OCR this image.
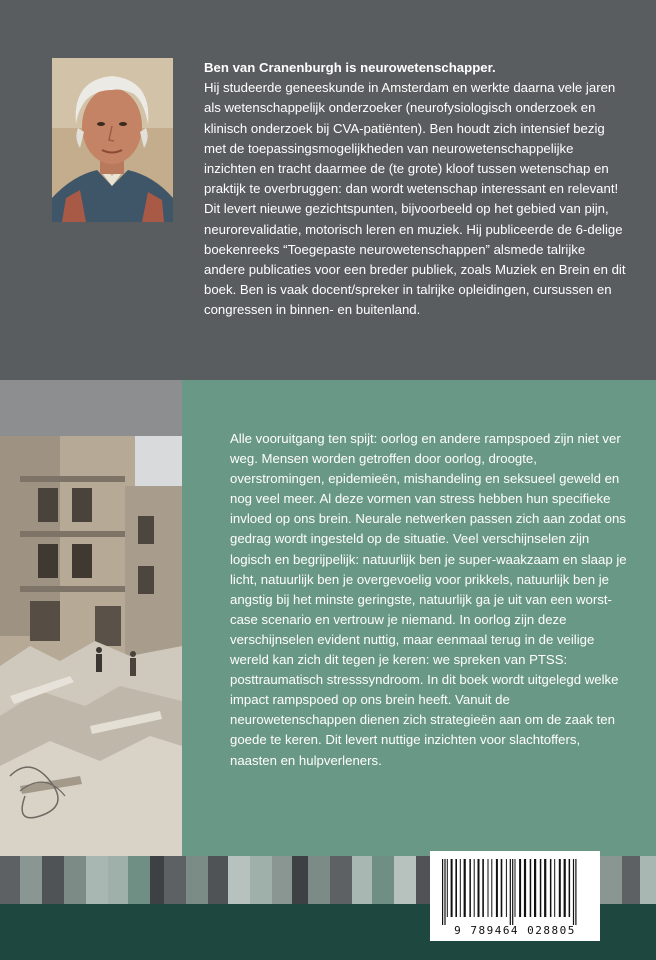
Ben van Cranenburgh is neurowetenschapper.
Hij studeerde geneeskunde in Amsterdam en werkte daarna vele jaren als wetenschappelijk onderzoeker (neurofysiologisch onderzoek en klinisch onderzoek bij CVA-patiënten). Ben houdt zich intensief bezig met de toepassingsmogelijkheden van neurowetenschappelijke inzichten en tracht daarmee de (te grote) kloof tussen wetenschap en praktijk te overbruggen: dan wordt wetenschap interessant en relevant! Dit levert nieuwe gezichtspunten, bijvoorbeeld op het gebied van pijn, neurorevalidatie, motorisch leren en muziek. Hij publiceerde de 6-delige boekenreeks “Toegepaste neurowetenschappen” alsmede talrijke andere publicaties voor een breder publiek, zoals Muziek en Brein en dit boek. Ben is vaak docent/spreker in talrijke opleidingen, cursussen en congressen in binnen- en buitenland.

Alle vooruitgang ten spijt: oorlog en andere rampspoed zijn niet ver weg. Mensen worden getroffen door oorlog, droogte, overstromingen, epidemieën, mishandeling en seksueel geweld en nog veel meer. Al deze vormen van stress hebben hun specifieke invloed op ons brein. Neurale netwerken passen zich aan zodat ons gedrag wordt ingesteld op de situatie. Veel verschijnselen zijn logisch en begrijpelijk: natuurlijk ben je super-waakzaam en slaap je licht, natuurlijk ben je overgevoelig voor prikkels, natuurlijk ben je angstig bij het minste geringste, natuurlijk ga je uit van een worst-case scenario en vertrouw je niemand. In oorlog zijn deze verschijnselen evident nuttig, maar eenmaal terug in de veilige wereld kan zich dit tegen je keren: we spreken van PTSS: posttraumatisch stresssyndroom. In dit boek wordt uitgelegd welke impact rampspoed op ons brein heeft. Vanuit de neurowetenschappen dienen zich strategieën aan om de zaak ten goede te keren. Dit levert nuttige inzichten voor slachtoffers, naasten en hulpverleners.

9 789464 028805
